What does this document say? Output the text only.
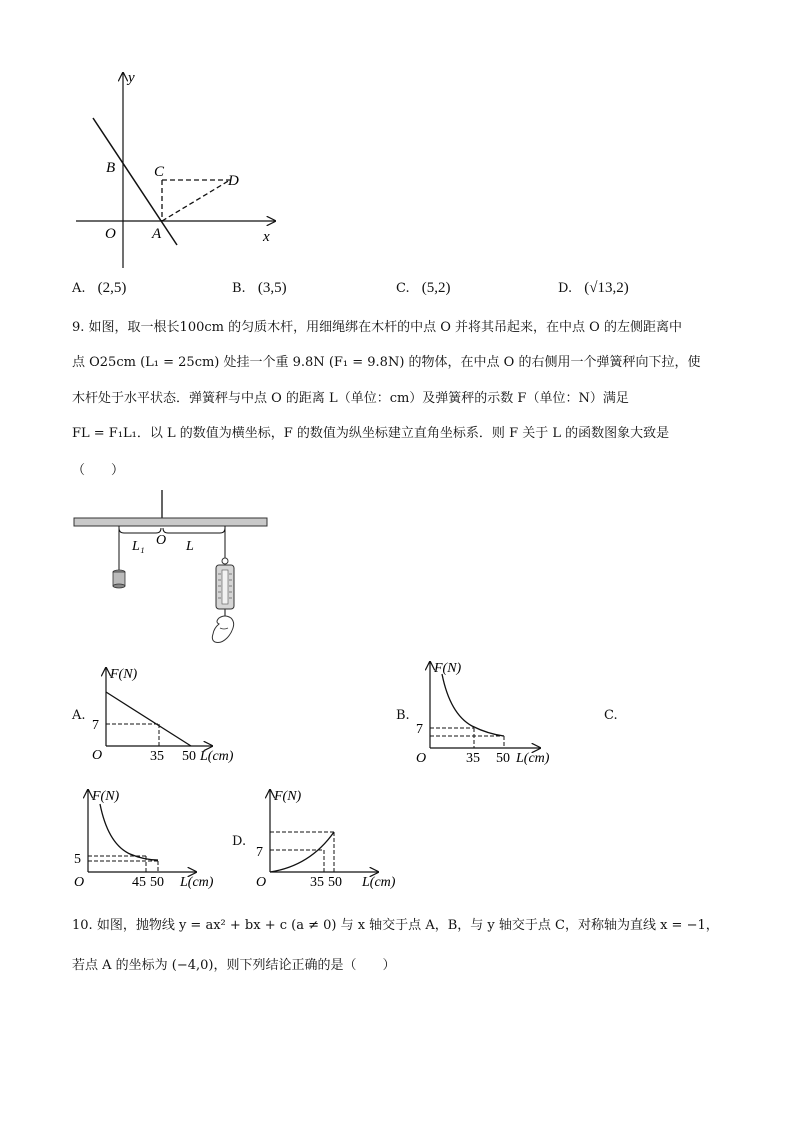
y
x
B	C
D
O A
A. (2,5)	B. (3,5)	C. (5,2)	D. (√13,2)
9. 如图，取一根长100cm 的匀质木杆，用细绳绑在木杆的中点 O 并将其吊起来，在中点 O 的左侧距离中
点 O25cm (L₁ = 25cm) 处挂一个重 9.8N (F₁ = 9.8N) 的物体，在中点 O 的右侧用一个弹簧秤向下拉，使
木杆处于水平状态．弹簧秤与中点 O 的距离 L（单位：cm）及弹簧秤的示数 F（单位：N）满足
FL = F₁L₁．以 L 的数值为横坐标，F 的数值为纵坐标建立直角坐标系．则 F 关于 L 的函数图象大致是
（　　）
L₁ O L
A.
F(N)
7
O	35 50 L(cm)
B.
F(N)
7
O	35 50 L(cm)
C.
F(N)
5
O	45 50 L(cm)
D.
F(N)
7
O	35 50 L(cm)
10. 如图，抛物线 y = ax² + bx + c (a ≠ 0) 与 x 轴交于点 A，B，与 y 轴交于点 C，对称轴为直线 x = −1，
若点 A 的坐标为 (−4,0)，则下列结论正确的是（　　）
